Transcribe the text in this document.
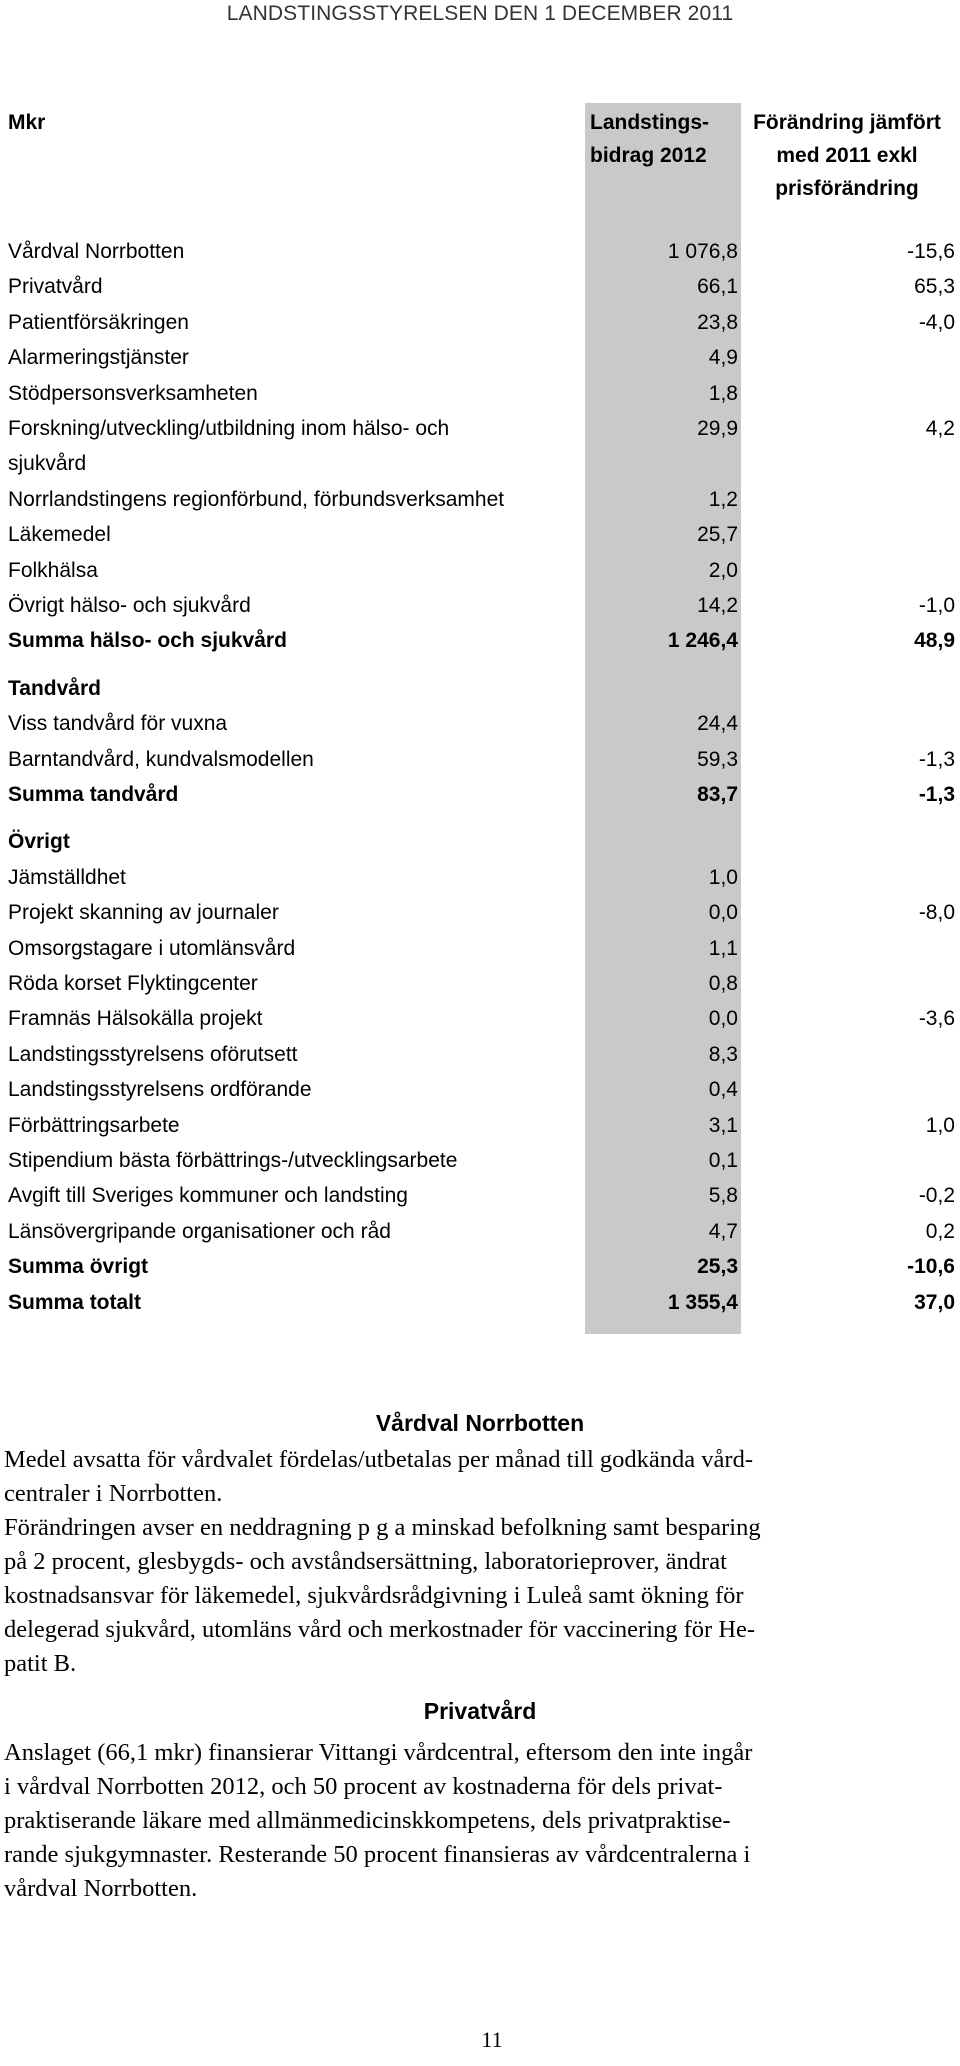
LANDSTINGSSTYRELSEN DEN 1 DECEMBER 2011
Mkr	Landstings-
bidrag 2012
Förändring jämfört
med 2011 exkl
prisförändring
Vårdval Norrbotten	1 076,8	-15,6
Privatvård	66,1	65,3
Patientförsäkringen	23,8	-4,0
Alarmeringstjänster	4,9
Stödpersonsverksamheten	1,8
Forskning/utveckling/utbildning inom hälso- och	29,9	4,2
sjukvård
Norrlandstingens regionförbund, förbundsverksamhet	1,2
Läkemedel	25,7
Folkhälsa	2,0
Övrigt hälso- och sjukvård	14,2	-1,0
Summa hälso- och sjukvård	1 246,4	48,9
Tandvård
Viss tandvård för vuxna	24,4
Barntandvård, kundvalsmodellen	59,3	-1,3
Summa tandvård	83,7	-1,3
Övrigt
Jämställdhet	1,0
Projekt skanning av journaler	0,0	-8,0
Omsorgstagare i utomlänsvård	1,1
Röda korset Flyktingcenter	0,8
Framnäs Hälsokälla projekt	0,0	-3,6
Landstingsstyrelsens oförutsett	8,3
Landstingsstyrelsens ordförande	0,4
Förbättringsarbete	3,1	1,0
Stipendium bästa förbättrings-/utvecklingsarbete	0,1
Avgift till Sveriges kommuner och landsting	5,8	-0,2
Länsövergripande organisationer och råd	4,7	0,2
Summa övrigt	25,3	-10,6
Summa totalt	1 355,4	37,0
Vårdval Norrbotten
Medel avsatta för vårdvalet fördelas/utbetalas per månad till godkända vård-
centraler i Norrbotten.
Förändringen avser en neddragning p g a minskad befolkning samt besparing
på 2 procent, glesbygds- och avståndsersättning, laboratorieprover, ändrat
kostnadsansvar för läkemedel, sjukvårdsrådgivning i Luleå samt ökning för
delegerad sjukvård, utomläns vård och merkostnader för vaccinering för He-
patit B.
Privatvård
Anslaget (66,1 mkr) finansierar Vittangi vårdcentral, eftersom den inte ingår
i vårdval Norrbotten 2012, och 50 procent av kostnaderna för dels privat-
praktiserande läkare med allmänmedicinskkompetens, dels privatpraktise-
rande sjukgymnaster. Resterande 50 procent finansieras av vårdcentralerna i
vårdval Norrbotten.
11
